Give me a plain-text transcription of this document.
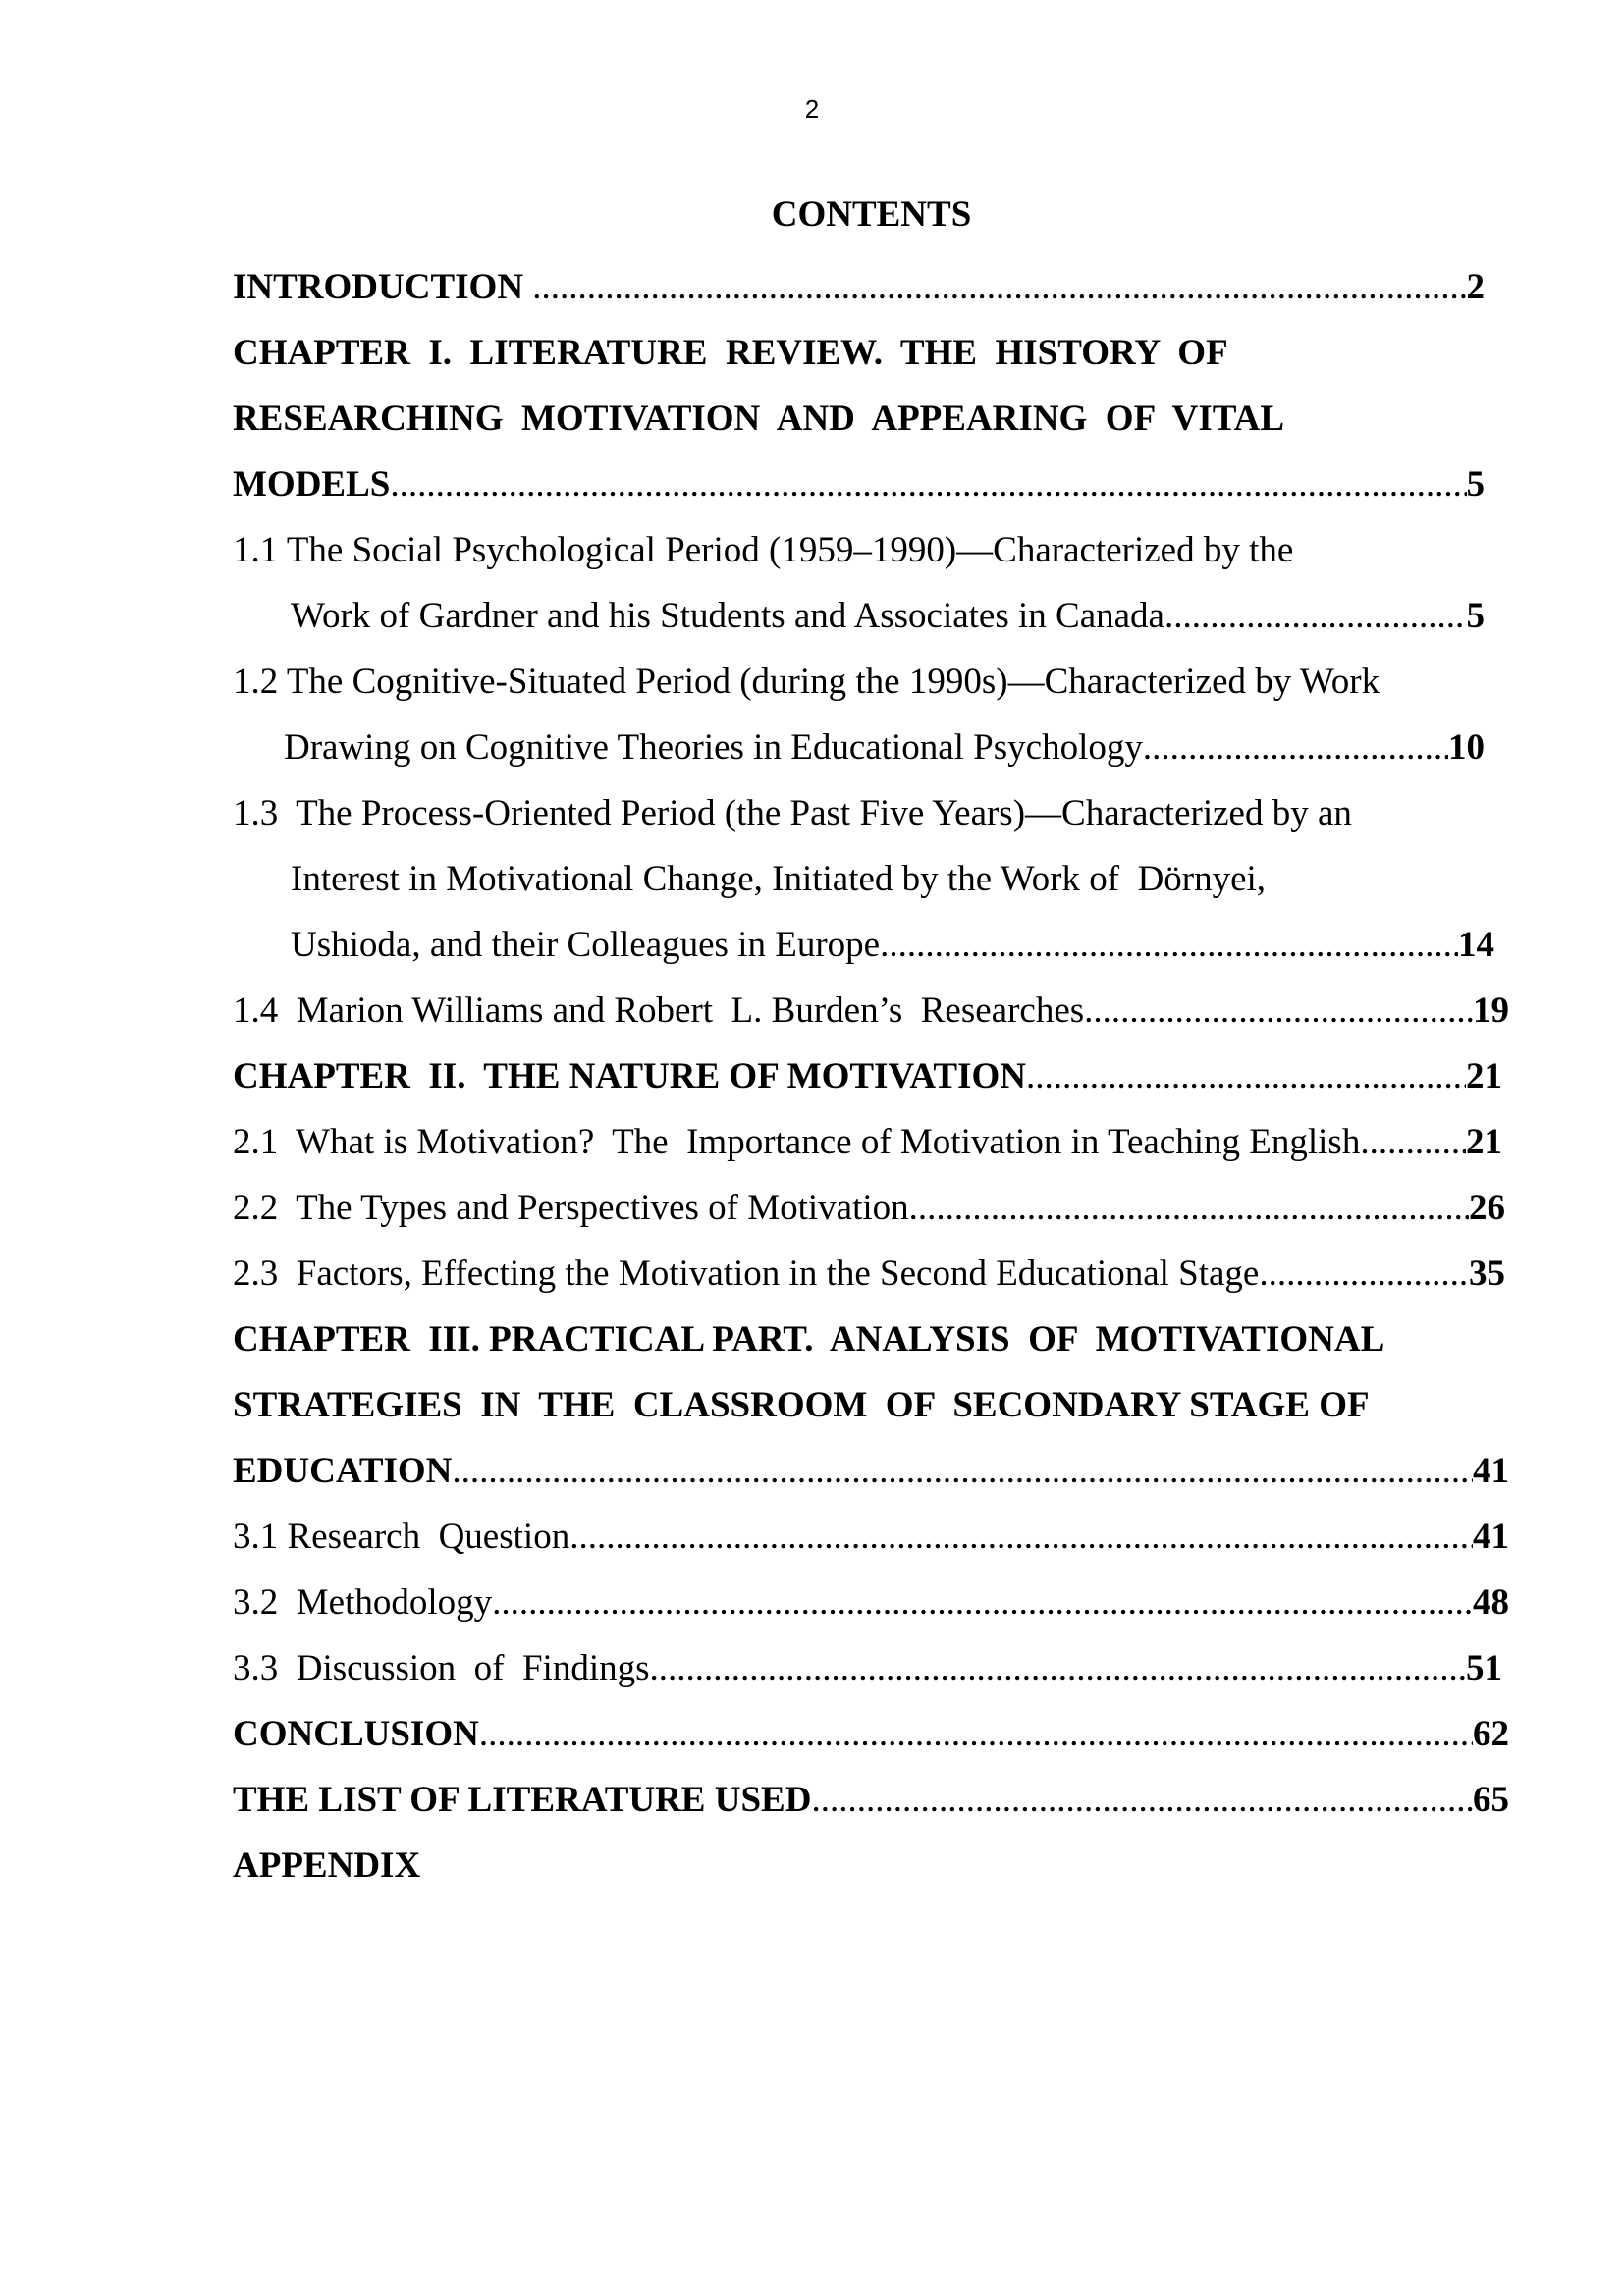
2
CONTENTS
INTRODUCTION .....	2
CHAPTER  I.  LITERATURE  REVIEW.  THE  HISTORY  OF
RESEARCHING  MOTIVATION  AND  APPEARING  OF  VITAL
MODELS .....	5
1.1 The Social Psychological Period (1959–1990)—Characterized by the
Work of Gardner and his Students and Associates in Canada. .....	5
1.2 The Cognitive-Situated Period (during the 1990s)—Characterized by Work
Drawing on Cognitive Theories in Educational Psychology .....	10
1.3  The Process-Oriented Period (the Past Five Years)—Characterized by an
Interest in Motivational Change, Initiated by the Work of  Dörnyei,
Ushioda, and their Colleagues in Europe .....	14
1.4  Marion Williams and Robert  L. Burden’s  Researches .....	19
CHAPTER  II.  THE NATURE OF MOTIVATION .....	21
2.1  What is Motivation?  The  Importance of Motivation in Teaching English .....	21
2.2  The Types and Perspectives of Motivation .....	26
2.3  Factors, Effecting the Motivation in the Second Educational Stage .....	35
CHAPTER  III. PRACTICAL PART.  ANALYSIS  OF  MOTIVATIONAL
STRATEGIES  IN  THE  CLASSROOM  OF  SECONDARY STAGE OF
EDUCATION .....	41
3.1 Research  Question .....	41
3.2  Methodology .....	48
3.3  Discussion  of  Findings .....	51
CONCLUSION .....	62
THE LIST OF LITERATURE USED .....	65
APPENDIX
